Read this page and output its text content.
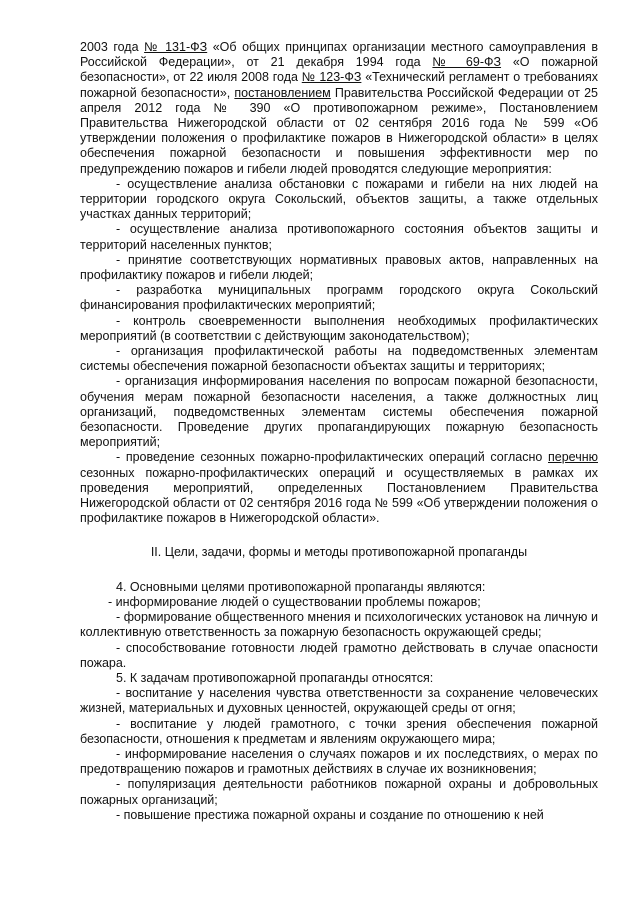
2003 года № 131-ФЗ «Об общих принципах организации местного самоуправления в Российской Федерации», от 21 декабря 1994 года № 69-ФЗ «О пожарной безопасности», от 22 июля 2008 года № 123-ФЗ «Технический регламент о требованиях пожарной безопасности», постановлением Правительства Российской Федерации от 25 апреля 2012 года № 390 «О противопожарном режиме», Постановлением Правительства Нижегородской области от 02 сентября 2016 года № 599 «Об утверждении положения о профилактике пожаров в Нижегородской области» в целях обеспечения пожарной безопасности и повышения эффективности мер по предупреждению пожаров и гибели людей проводятся следующие мероприятия:

- осуществление анализа обстановки с пожарами и гибели на них людей на территории городского округа Сокольский, объектов защиты, а также отдельных участках данных территорий;

- осуществление анализа противопожарного состояния объектов защиты и территорий населенных пунктов;

- принятие соответствующих нормативных правовых актов, направленных на профилактику пожаров и гибели людей;

- разработка муниципальных программ городского округа Сокольский финансирования профилактических мероприятий;

- контроль своевременности выполнения необходимых профилактических мероприятий (в соответствии с действующим законодательством);

- организация профилактической работы на подведомственных элементам системы обеспечения пожарной безопасности объектах защиты и территориях;

- организация информирования населения по вопросам пожарной безопасности, обучения мерам пожарной безопасности населения, а также должностных лиц организаций, подведомственных элементам системы обеспечения пожарной безопасности. Проведение других пропагандирующих пожарную безопасность мероприятий;

- проведение сезонных пожарно-профилактических операций согласно перечню сезонных пожарно-профилактических операций и осуществляемых в рамках их проведения мероприятий, определенных Постановлением Правительства Нижегородской области от 02 сентября 2016 года № 599 «Об утверждении положения о профилактике пожаров в Нижегородской области».

II. Цели, задачи, формы и методы противопожарной пропаганды

4. Основными целями противопожарной пропаганды являются:

- информирование людей о существовании проблемы пожаров;

- формирование общественного мнения и психологических установок на личную и коллективную ответственность за пожарную безопасность окружающей среды;

- способствование готовности людей грамотно действовать в случае опасности пожара.

5. К задачам противопожарной пропаганды относятся:

- воспитание у населения чувства ответственности за сохранение человеческих жизней, материальных и духовных ценностей, окружающей среды от огня;

- воспитание у людей грамотного, с точки зрения обеспечения пожарной безопасности, отношения к предметам и явлениям окружающего мира;

- информирование населения о случаях пожаров и их последствиях, о мерах по предотвращению пожаров и грамотных действиях в случае их возникновения;

- популяризация деятельности работников пожарной охраны и добровольных пожарных организаций;

- повышение престижа пожарной охраны и создание по отношению к ней
